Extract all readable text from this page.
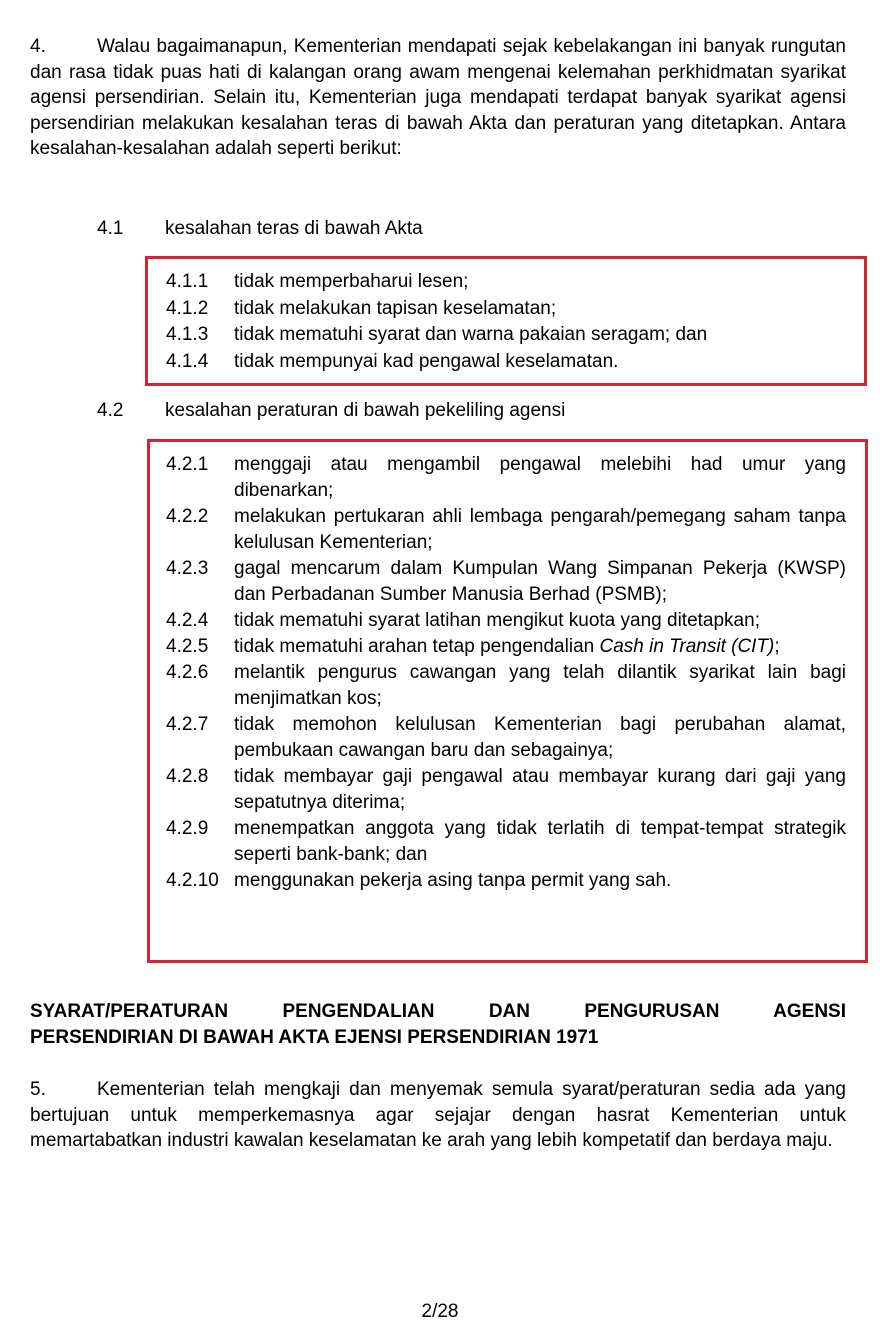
4.	Walau bagaimanapun, Kementerian mendapati sejak kebelakangan ini banyak rungutan dan rasa tidak puas hati di kalangan orang awam mengenai kelemahan perkhidmatan syarikat agensi persendirian. Selain itu, Kementerian juga mendapati terdapat banyak syarikat agensi persendirian melakukan kesalahan teras di bawah Akta dan peraturan yang ditetapkan. Antara kesalahan-kesalahan adalah seperti berikut:

4.1 kesalahan teras di bawah Akta
4.1.1	tidak memperbaharui lesen;
4.1.2	tidak melakukan tapisan keselamatan;
4.1.3	tidak mematuhi syarat dan warna pakaian seragam; dan
4.1.4	tidak mempunyai kad pengawal keselamatan.
4.2 kesalahan peraturan di bawah pekeliling agensi
4.2.1	menggaji atau mengambil pengawal melebihi had umur yang dibenarkan;
4.2.2	melakukan pertukaran ahli lembaga pengarah/pemegang saham tanpa kelulusan Kementerian;
4.2.3	gagal mencarum dalam Kumpulan Wang Simpanan Pekerja (KWSP) dan Perbadanan Sumber Manusia Berhad (PSMB);
4.2.4	tidak mematuhi syarat latihan mengikut kuota yang ditetapkan;
4.2.5	tidak mematuhi arahan tetap pengendalian Cash in Transit (CIT);
4.2.6	melantik pengurus cawangan yang telah dilantik syarikat lain bagi menjimatkan kos;
4.2.7	tidak memohon kelulusan Kementerian bagi perubahan alamat, pembukaan cawangan baru dan sebagainya;
4.2.8	tidak membayar gaji pengawal atau membayar kurang dari gaji yang sepatutnya diterima;
4.2.9	menempatkan anggota yang tidak terlatih di tempat-tempat strategik seperti bank-bank; dan
4.2.10 menggunakan pekerja asing tanpa permit yang sah.
SYARAT/PERATURAN PENGENDALIAN DAN PENGURUSAN AGENSI
PERSENDIRIAN DI BAWAH AKTA EJENSI PERSENDIRIAN 1971

5.	Kementerian telah mengkaji dan menyemak semula syarat/peraturan sedia ada yang bertujuan untuk memperkemasnya agar sejajar dengan hasrat Kementerian untuk memartabatkan industri kawalan keselamatan ke arah yang lebih kompetatif dan berdaya maju.

2/28
